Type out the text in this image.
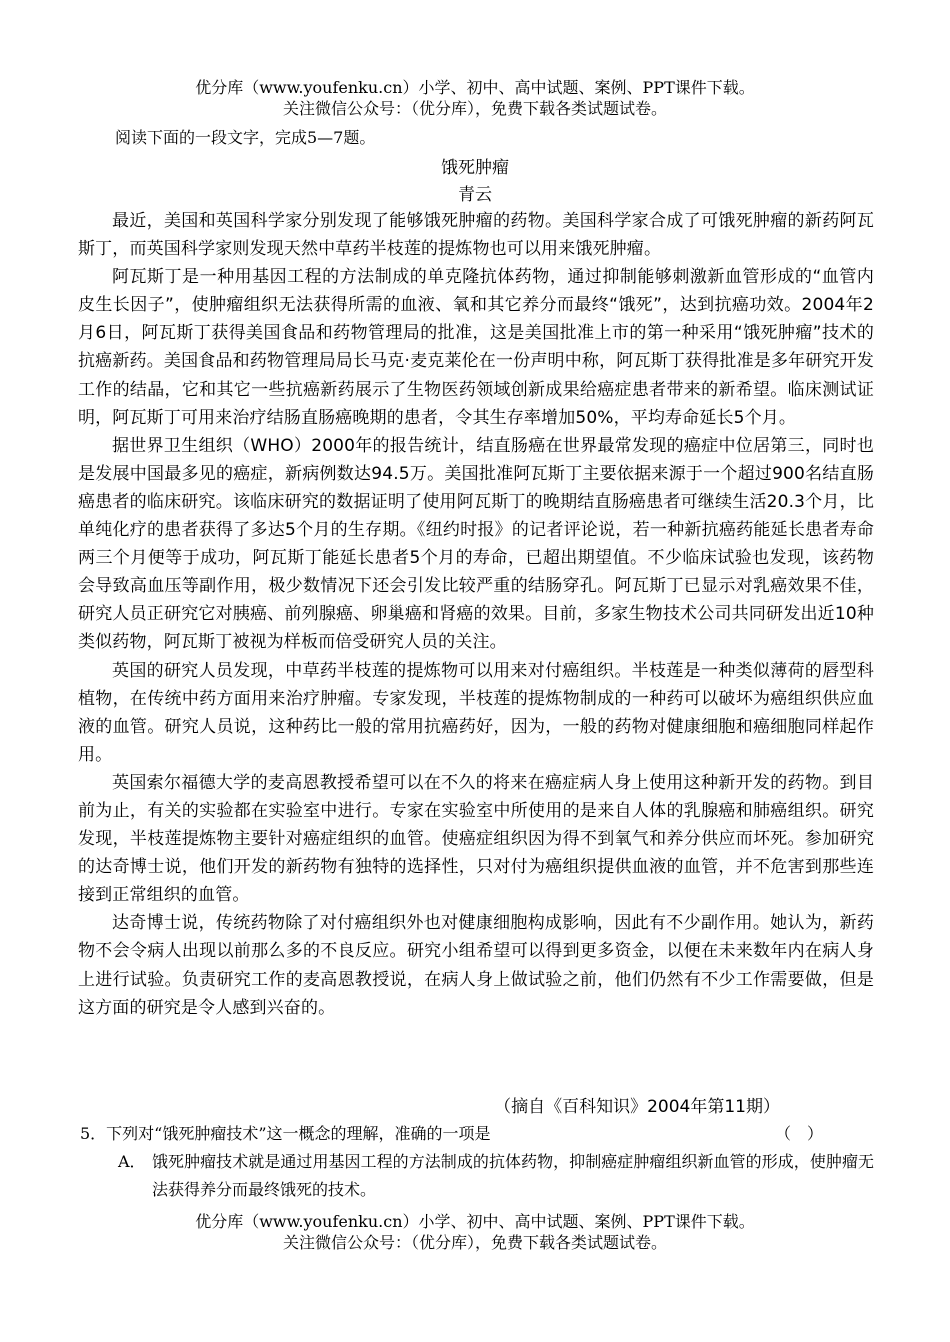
优分库（www.youfenku.cn）小学、初中、高中试题、案例、PPT课件下载。
关注微信公众号：（优分库），免费下载各类试题试卷。
阅读下面的一段文字，完成5—7题。
饿死肿瘤
青云

最近，美国和英国科学家分别发现了能够饿死肿瘤的药物。美国科学家合成了可饿死肿瘤的新药阿瓦斯丁，而英国科学家则发现天然中草药半枝莲的提炼物也可以用来饿死肿瘤。

阿瓦斯丁是一种用基因工程的方法制成的单克隆抗体药物，通过抑制能够刺激新血管形成的“血管内皮生长因子”，使肿瘤组织无法获得所需的血液、氧和其它养分而最终“饿死”，达到抗癌功效。2004年2月6日，阿瓦斯丁获得美国食品和药物管理局的批准，这是美国批准上市的第一种采用“饿死肿瘤”技术的抗癌新药。美国食品和药物管理局局长马克·麦克莱伦在一份声明中称，阿瓦斯丁获得批准是多年研究开发工作的结晶，它和其它一些抗癌新药展示了生物医药领域创新成果给癌症患者带来的新希望。临床测试证明，阿瓦斯丁可用来治疗结肠直肠癌晚期的患者，令其生存率增加50%，平均寿命延长5个月。

据世界卫生组织（WHO）2000年的报告统计，结直肠癌在世界最常发现的癌症中位居第三，同时也是发展中国最多见的癌症，新病例数达94.5万。美国批准阿瓦斯丁主要依据来源于一个超过900名结直肠癌患者的临床研究。该临床研究的数据证明了使用阿瓦斯丁的晚期结直肠癌患者可继续生活20.3个月，比单纯化疗的患者获得了多达5个月的生存期。《纽约时报》的记者评论说，若一种新抗癌药能延长患者寿命两三个月便等于成功，阿瓦斯丁能延长患者5个月的寿命，已超出期望值。不少临床试验也发现，该药物会导致高血压等副作用，极少数情况下还会引发比较严重的结肠穿孔。阿瓦斯丁已显示对乳癌效果不佳，研究人员正研究它对胰癌、前列腺癌、卵巢癌和肾癌的效果。目前，多家生物技术公司共同研发出近10种类似药物，阿瓦斯丁被视为样板而倍受研究人员的关注。

英国的研究人员发现，中草药半枝莲的提炼物可以用来对付癌组织。半枝莲是一种类似薄荷的唇型科植物，在传统中药方面用来治疗肿瘤。专家发现，半枝莲的提炼物制成的一种药可以破坏为癌组织供应血液的血管。研究人员说，这种药比一般的常用抗癌药好，因为，一般的药物对健康细胞和癌细胞同样起作用。

英国索尔福德大学的麦高恩教授希望可以在不久的将来在癌症病人身上使用这种新开发的药物。到目前为止，有关的实验都在实验室中进行。专家在实验室中所使用的是来自人体的乳腺癌和肺癌组织。研究发现，半枝莲提炼物主要针对癌症组织的血管。使癌症组织因为得不到氧气和养分供应而坏死。参加研究的达奇博士说，他们开发的新药物有独特的选择性，只对付为癌组织提供血液的血管，并不危害到那些连接到正常组织的血管。

达奇博士说，传统药物除了对付癌组织外也对健康细胞构成影响，因此有不少副作用。她认为，新药物不会令病人出现以前那么多的不良反应。研究小组希望可以得到更多资金，以便在未来数年内在病人身上进行试验。负责研究工作的麦高恩教授说，在病人身上做试验之前，他们仍然有不少工作需要做，但是这方面的研究是令人感到兴奋的。

（摘自《百科知识》2004年第11期）
5．下列对“饿死肿瘤技术”这一概念的理解，准确的一项是	（　）
A． 饿死肿瘤技术就是通过用基因工程的方法制成的抗体药物，抑制癌症肿瘤组织新血管的形成，使肿瘤无法获得养分而最终饿死的技术。
优分库（www.youfenku.cn）小学、初中、高中试题、案例、PPT课件下载。
关注微信公众号：（优分库），免费下载各类试题试卷。
